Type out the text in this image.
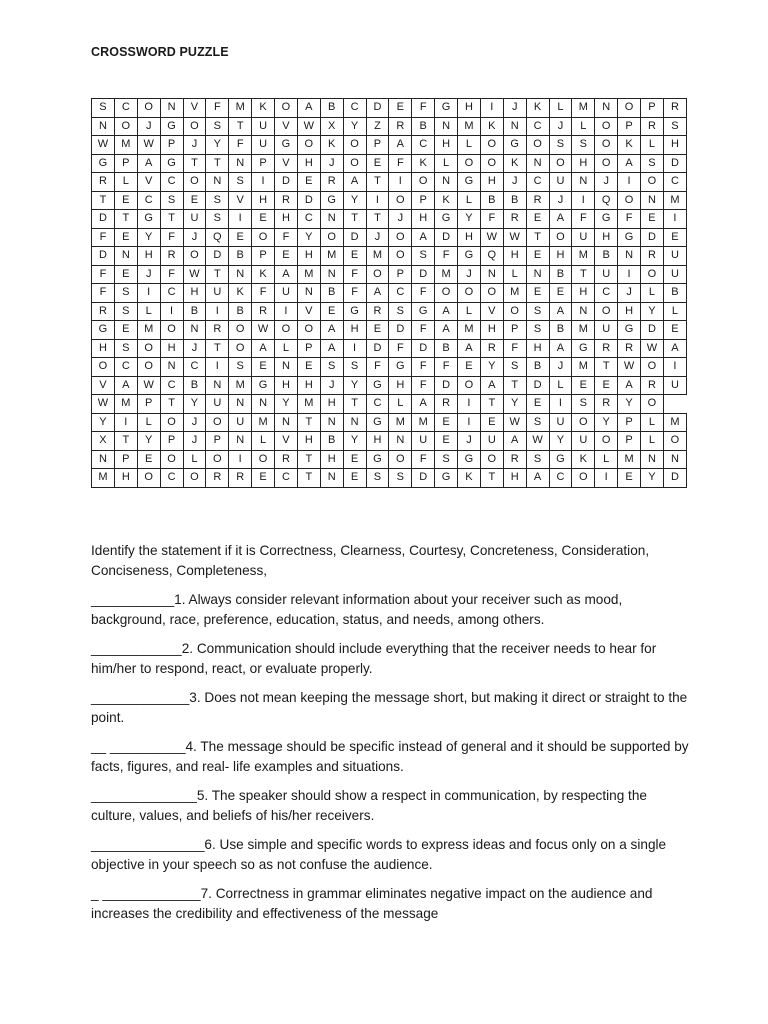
CROSSWORD PUZZLE
S	C	O	N	V	F	M	K	O	A	B	C	D	E	F	G	H	I	J	K	L	M	N	O	P	R
N	O	J	G	O	S	T	U	V	W	X	Y	Z	R	B	N	M	K	N	C	J	L	O	P	R	S
W	M	W	P	J	Y	F	U	G	O	K	O	P	A	C	H	L	O	G	O	S	S	O	K	L	H
G	P	A	G	T	T	N	P	V	H	J	O	E	F	K	L	O	O	K	N	O	H	O	A	S	D
R	L	V	C	O	N	S	I	D	E	R	A	T	I	O	N	G	H	J	C	U	N	J	I	O	C
T	E	C	S	E	S	V	H	R	D	G	Y	I	O	P	K	L	B	B	R	J	I	Q	O	N	M
D	T	G	T	U	S	I	E	H	C	N	T	T	J	H	G	Y	F	R	E	A	F	G	F	E	I
F	E	Y	F	J	Q	E	O	F	Y	O	D	J	O	A	D	H	W	W	T	O	U	H	G	D	E
D	N	H	R	O	D	B	P	E	H	M	E	M	O	S	F	G	Q	H	E	H	M	B	N	R	U
F	E	J	F	W	T	N	K	A	M	N	F	O	P	D	M	J	N	L	N	B	T	U	I	O	U
F	S	I	C	H	U	K	F	U	N	B	F	A	C	F	O	O	O	M	E	E	H	C	J	L	B
R	S	L	I	B	I	B	R	I	V	E	G	R	S	G	A	L	V	O	S	A	N	O	H	Y	L
G	E	M	O	N	R	O	W	O	O	A	H	E	D	F	A	M	H	P	S	B	M	U	G	D	E
H	S	O	H	J	T	O	A	L	P	A	I	D	F	D	B	A	R	F	H	A	G	R	R	W	A
O	C	O	N	C	I	S	E	N	E	S	S	F	G	F	F	E	Y	S	B	J	M	T	W	O	I
V	A	W	C	B	N	M	G	H	H	J	Y	G	H	F	D	O	A	T	D	L	E	E	A	R	U
W	M	P	T	Y	U	N	N	Y	M	H	T	C	L	A	R	I	T	Y	E	I	S	R	Y	O	
Y	I	L	O	J	O	U	M	N	T	N	N	G	M	M	E	I	E	W	S	U	O	Y	P	L	M
X	T	Y	P	J	P	N	L	V	H	B	Y	H	N	U	E	J	U	A	W	Y	U	O	P	L	O
N	P	E	O	L	O	I	O	R	T	H	E	G	O	F	S	G	O	R	S	G	K	L	M	N	N
M	H	O	C	O	R	R	E	C	T	N	E	S	S	D	G	K	T	H	A	C	O	I	E	Y	D

Identify the statement if it is Correctness, Clearness, Courtesy, Concreteness, Consideration, Conciseness, Completeness,

___________1. Always consider relevant information about your receiver such as mood, background, race, preference, education, status, and needs, among others.
____________2. Communication should include everything that the receiver needs to hear for him/her to respond, react, or evaluate properly.
_____________3. Does not mean keeping the message short, but making it direct or straight to the point.
__ __________4. The message should be specific instead of general and it should be supported by facts, figures, and real- life examples and situations.
______________5. The speaker should show a respect in communication, by respecting the culture, values, and beliefs of his/her receivers.
_______________6. Use simple and specific words to express ideas and focus only on a single objective in your speech so as not confuse the audience.
_ _____________7. Correctness in grammar eliminates negative impact on the audience and increases the credibility and effectiveness of the message
